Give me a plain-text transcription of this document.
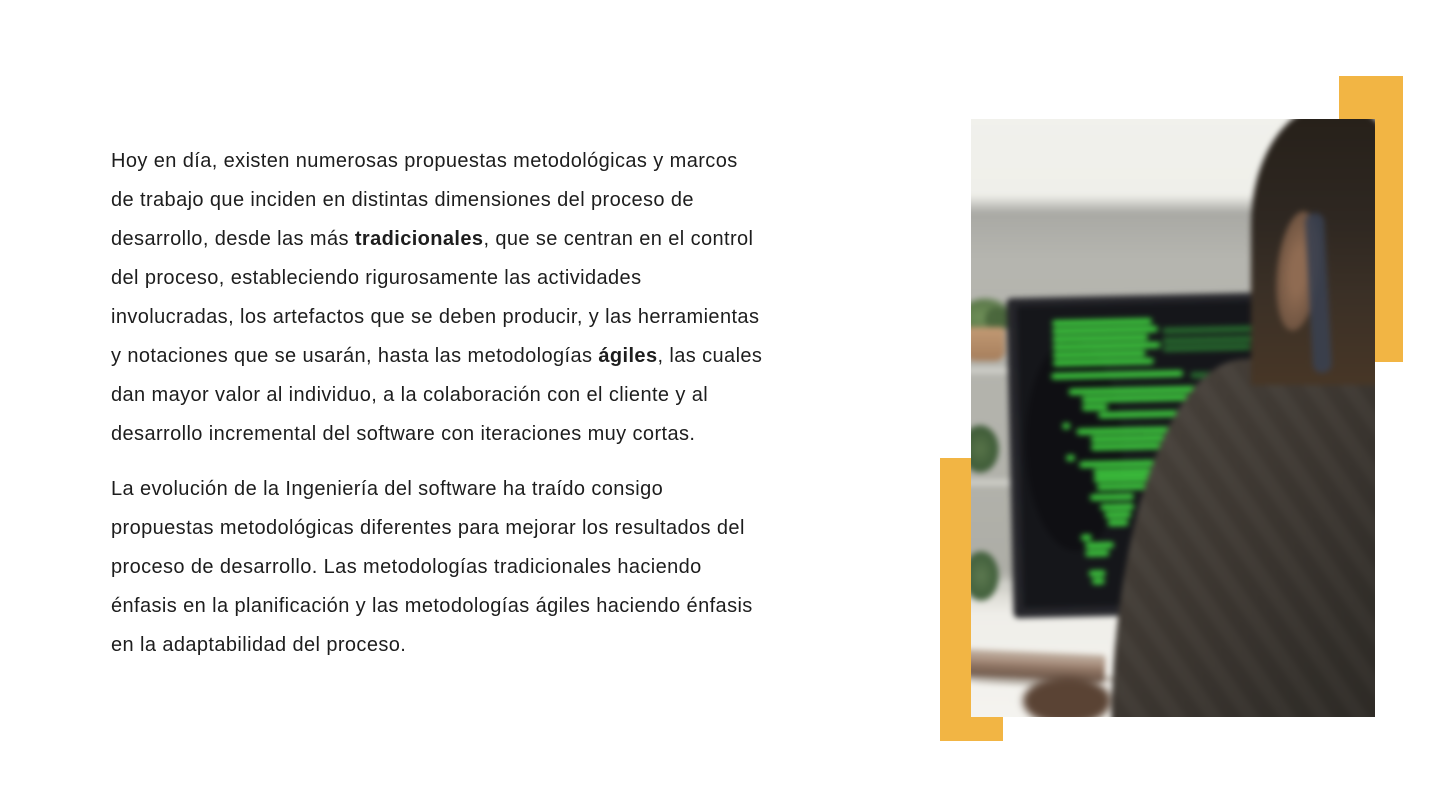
Hoy en día, existen numerosas propuestas metodológicas y marcos
de trabajo que inciden en distintas dimensiones del proceso de
desarrollo, desde las más tradicionales, que se centran en el control
del proceso, estableciendo rigurosamente las actividades
involucradas, los artefactos que se deben producir, y las herramientas
y notaciones que se usarán, hasta las metodologías ágiles, las cuales
dan mayor valor al individuo, a la colaboración con el cliente y al
desarrollo incremental del software con iteraciones muy cortas.
La evolución de la Ingeniería del software ha traído consigo
propuestas metodológicas diferentes para mejorar los resultados del
proceso de desarrollo. Las metodologías tradicionales haciendo
énfasis en la planificación y las metodologías ágiles haciendo énfasis
en la adaptabilidad del proceso.
